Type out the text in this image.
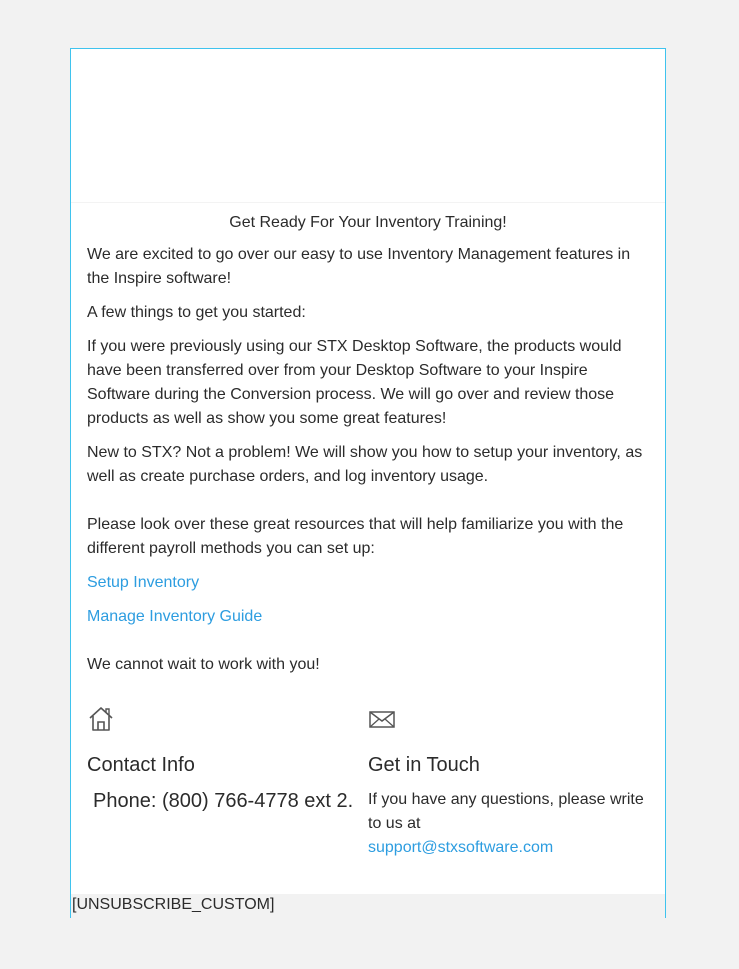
Get Ready For Your Inventory Training!

We are excited to go over our easy to use Inventory Management features in the Inspire software!

A few things to get you started:

If you were previously using our STX Desktop Software, the products would have been transferred over from your Desktop Software to your Inspire Software during the Conversion process. We will go over and review those products as well as show you some great features!

New to STX? Not a problem! We will show you how to setup your inventory, as well as create purchase orders, and log inventory usage.

Please look over these great resources that will help familiarize you with the different payroll methods you can set up:

Setup Inventory
Manage Inventory Guide

We cannot wait to work with you!

Contact Info
Phone: (800) 766-4778 ext 2.
Get in Touch

If you have any questions, please write to us at
support@stxsoftware.com

[UNSUBSCRIBE_CUSTOM]
